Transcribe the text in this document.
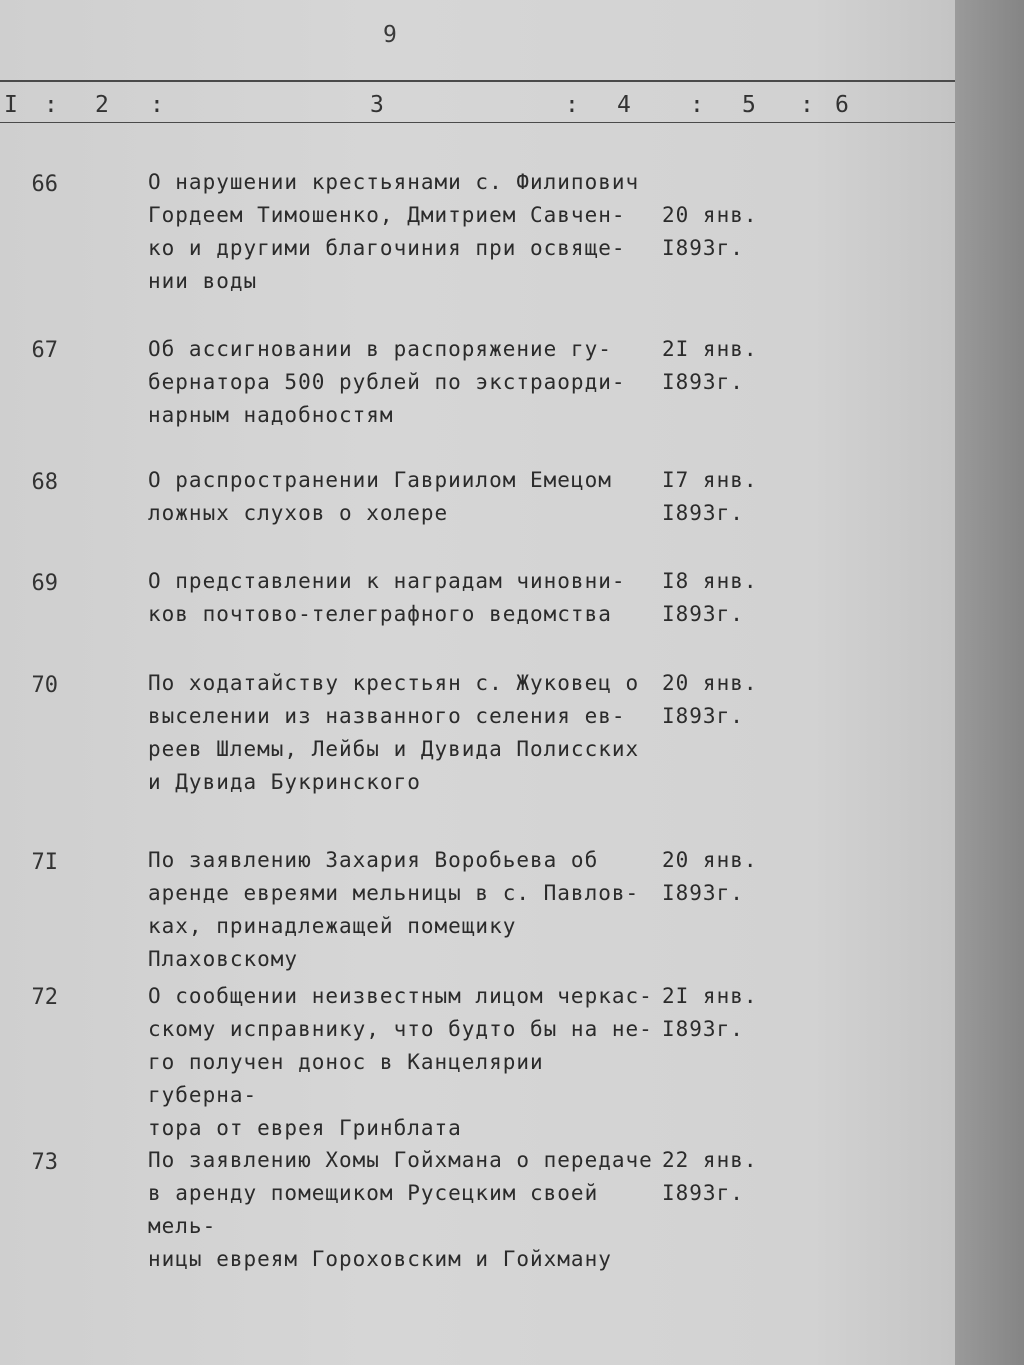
9
I : 2 :	3	: 4	: 5 : 6
66	О нарушении крестьянами с. Филипович
Гордеем Тимошенко, Дмитрием Савчен-
ко и другими благочиния при освяще-
нии воды

20 янв.
I893г.
67	Об ассигновании в распоряжение гу-
бернатора 500 рублей по экстраорди-
нарным надобностям
2I янв.
I893г.
68	О распространении Гавриилом Емецом
ложных слухов о холере
I7 янв.
I893г.
69	О представлении к наградам чиновни-
ков почтово-телеграфного ведомства
I8 янв.
I893г.
70	По ходатайству крестьян с. Жуковец о
выселении из названного селения ев-
реев Шлемы, Лейбы и Дувида Полисских
и Дувида Букринского
20 янв.
I893г.
7I	По заявлению Захария Воробьева об
аренде евреями мельницы в с. Павлов-
ках, принадлежащей помещику Плаховскому
20 янв.
I893г.
72	О сообщении неизвестным лицом черкас-
скому исправнику, что будто бы на не-
го получен донос в Канцелярии губерна-
тора от еврея Гринблата
2I янв.
I893г.
73	По заявлению Хомы Гойхмана о передаче
в аренду помещиком Русецким своей мель-
ницы евреям Гороховским и Гойхману
22 янв.
I893г.
